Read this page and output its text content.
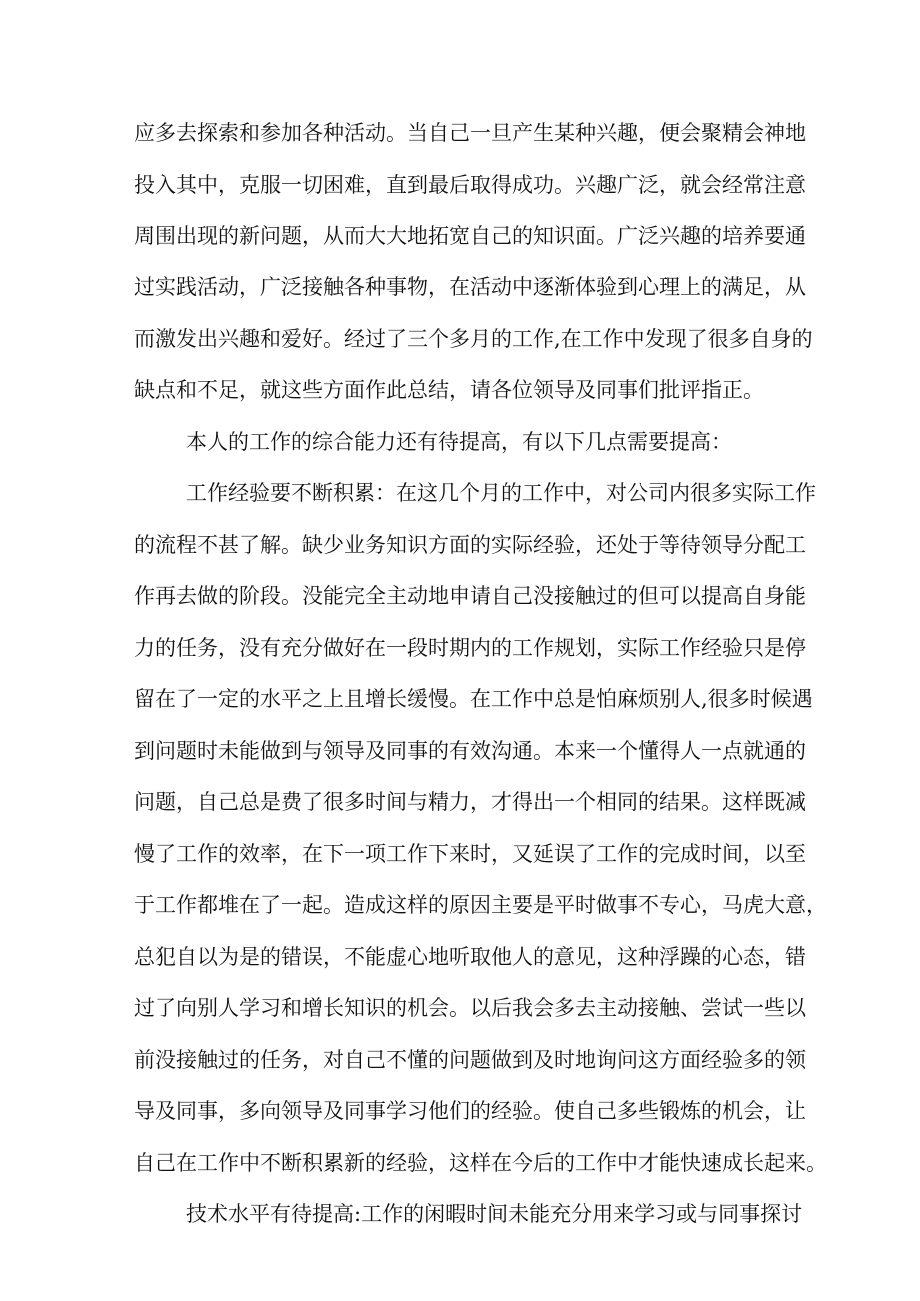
应多去探索和参加各种活动。当自己一旦产生某种兴趣，便会聚精会神地
投入其中，克服一切困难，直到最后取得成功。兴趣广泛，就会经常注意
周围出现的新问题，从而大大地拓宽自己的知识面。广泛兴趣的培养要通
过实践活动，广泛接触各种事物，在活动中逐渐体验到心理上的满足，从
而激发出兴趣和爱好。经过了三个多月的工作,在工作中发现了很多自身的
缺点和不足，就这些方面作此总结，请各位领导及同事们批评指正。
本人的工作的综合能力还有待提高，有以下几点需要提高：
工作经验要不断积累：在这几个月的工作中，对公司内很多实际工作
的流程不甚了解。缺少业务知识方面的实际经验，还处于等待领导分配工
作再去做的阶段。没能完全主动地申请自己没接触过的但可以提高自身能
力的任务，没有充分做好在一段时期内的工作规划，实际工作经验只是停
留在了一定的水平之上且增长缓慢。在工作中总是怕麻烦别人,很多时候遇
到问题时未能做到与领导及同事的有效沟通。本来一个懂得人一点就通的
问题，自己总是费了很多时间与精力，才得出一个相同的结果。这样既减
慢了工作的效率，在下一项工作下来时，又延误了工作的完成时间，以至
于工作都堆在了一起。造成这样的原因主要是平时做事不专心，马虎大意，
总犯自以为是的错误，不能虚心地听取他人的意见，这种浮躁的心态，错
过了向别人学习和增长知识的机会。以后我会多去主动接触、尝试一些以
前没接触过的任务，对自己不懂的问题做到及时地询问这方面经验多的领
导及同事，多向领导及同事学习他们的经验。使自己多些锻炼的机会，让
自己在工作中不断积累新的经验，这样在今后的工作中才能快速成长起来。
技术水平有待提高:工作的闲暇时间未能充分用来学习或与同事探讨
